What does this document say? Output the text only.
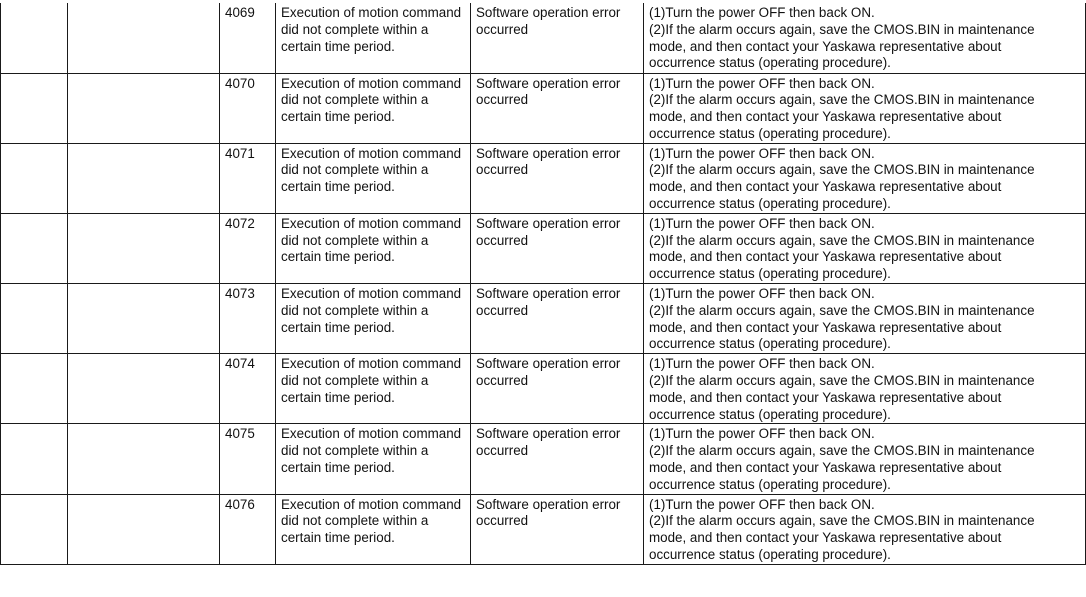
		4069	Execution of motion command did not complete within a certain time period.	Software operation error occurred	(1)Turn the power OFF then back ON.
(2)If the alarm occurs again, save the CMOS.BIN in maintenance
mode, and then contact your Yaskawa representative about
occurrence status (operating procedure).

		4070	Execution of motion command did not complete within a certain time period.	Software operation error occurred	(1)Turn the power OFF then back ON.
(2)If the alarm occurs again, save the CMOS.BIN in maintenance
mode, and then contact your Yaskawa representative about
occurrence status (operating procedure).

		4071	Execution of motion command did not complete within a certain time period.	Software operation error occurred	(1)Turn the power OFF then back ON.
(2)If the alarm occurs again, save the CMOS.BIN in maintenance
mode, and then contact your Yaskawa representative about
occurrence status (operating procedure).

		4072	Execution of motion command did not complete within a certain time period.	Software operation error occurred	(1)Turn the power OFF then back ON.
(2)If the alarm occurs again, save the CMOS.BIN in maintenance
mode, and then contact your Yaskawa representative about
occurrence status (operating procedure).

		4073	Execution of motion command did not complete within a certain time period.	Software operation error occurred	(1)Turn the power OFF then back ON.
(2)If the alarm occurs again, save the CMOS.BIN in maintenance
mode, and then contact your Yaskawa representative about
occurrence status (operating procedure).

		4074	Execution of motion command did not complete within a certain time period.	Software operation error occurred	(1)Turn the power OFF then back ON.
(2)If the alarm occurs again, save the CMOS.BIN in maintenance
mode, and then contact your Yaskawa representative about
occurrence status (operating procedure).

		4075	Execution of motion command did not complete within a certain time period.	Software operation error occurred	(1)Turn the power OFF then back ON.
(2)If the alarm occurs again, save the CMOS.BIN in maintenance
mode, and then contact your Yaskawa representative about
occurrence status (operating procedure).

		4076	Execution of motion command did not complete within a certain time period.	Software operation error occurred	(1)Turn the power OFF then back ON.
(2)If the alarm occurs again, save the CMOS.BIN in maintenance
mode, and then contact your Yaskawa representative about
occurrence status (operating procedure).
